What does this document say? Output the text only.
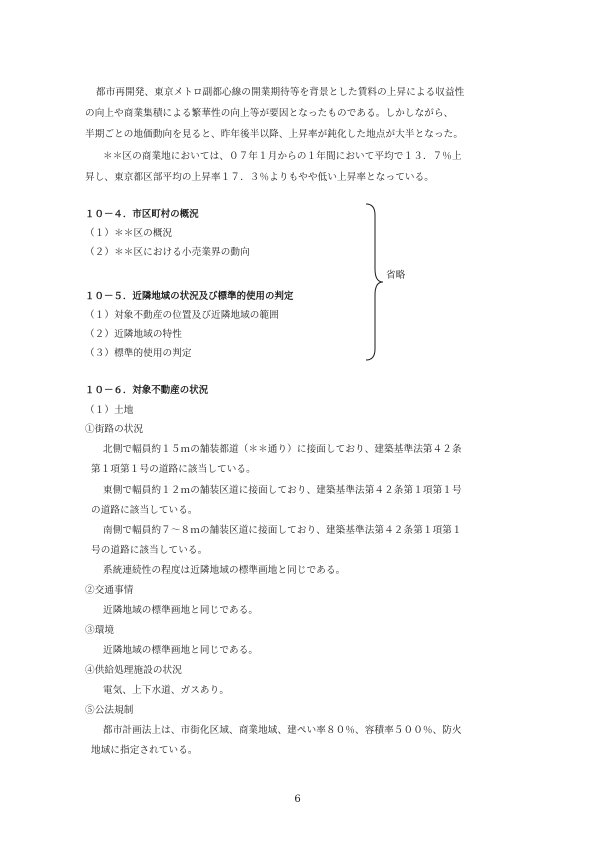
都市再開発、東京メトロ副都心線の開業期待等を背景とした賃料の上昇による収益性
の向上や商業集積による繁華性の向上等が要因となったものである。しかしながら、
半期ごとの地価動向を見ると、昨年後半以降、上昇率が鈍化した地点が大半となった。
＊＊区の商業地においては、０７年１月からの１年間において平均で１３．７％上
昇し、東京都区部平均の上昇率１７．３％よりもやや低い上昇率となっている。
１０－４．市区町村の概況
（１）＊＊区の概況
（２）＊＊区における小売業界の動向
１０－５．近隣地域の状況及び標準的使用の判定
（１）対象不動産の位置及び近隣地域の範囲
（２）近隣地域の特性
（３）標準的使用の判定
省略
１０－６．対象不動産の状況
（１）土地
①街路の状況
北側で幅員約１５ｍの舗装都道（＊＊通り）に接面しており、建築基準法第４２条
第１項第１号の道路に該当している。
東側で幅員約１２ｍの舗装区道に接面しており、建築基準法第４２条第１項第１号
の道路に該当している。
南側で幅員約７～８ｍの舗装区道に接面しており、建築基準法第４２条第１項第１
号の道路に該当している。
系統連続性の程度は近隣地域の標準画地と同じである。
②交通事情
近隣地域の標準画地と同じである。
③環境
近隣地域の標準画地と同じである。
④供給処理施設の状況
電気、上下水道、ガスあり。
⑤公法規制
都市計画法上は、市街化区域、商業地域、建ぺい率８０％、容積率５００％、防火
地域に指定されている。
6
